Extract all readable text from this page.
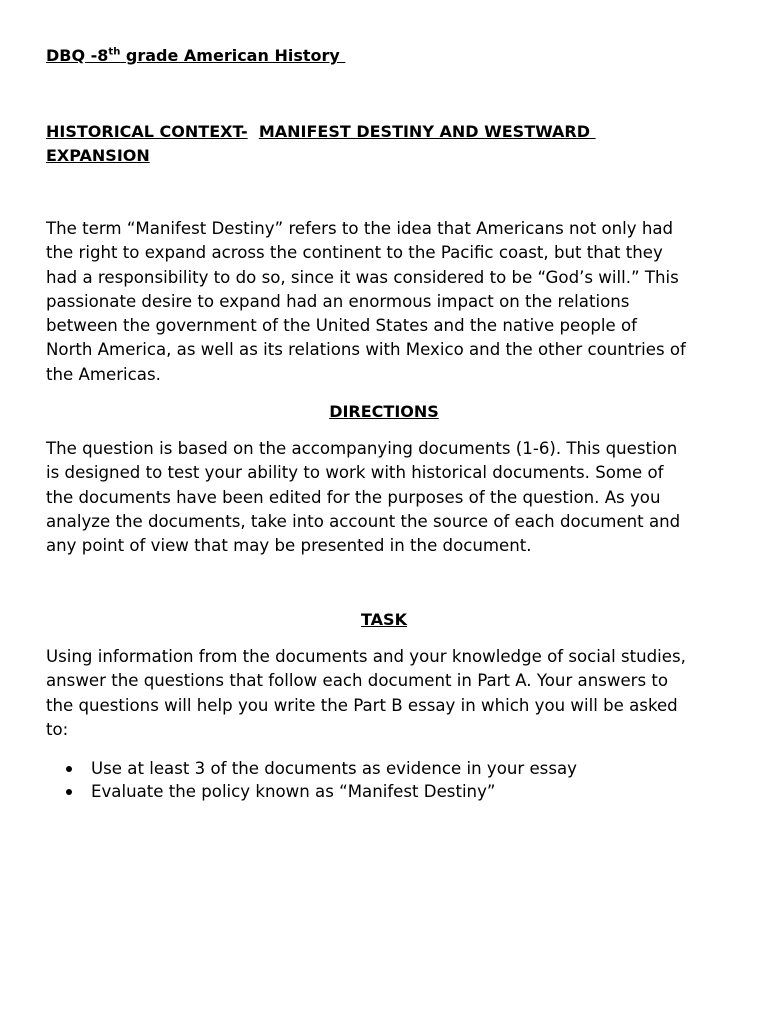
DBQ -8th grade American History
HISTORICAL CONTEXT- MANIFEST DESTINY AND WESTWARD
EXPANSION

The term “Manifest Destiny” refers to the idea that Americans not only had
the right to expand across the continent to the Pacific coast, but that they
had a responsibility to do so, since it was considered to be “God’s will.” This
passionate desire to expand had an enormous impact on the relations
between the government of the United States and the native people of
North America, as well as its relations with Mexico and the other countries of
the Americas.

DIRECTIONS

The question is based on the accompanying documents (1-6). This question
is designed to test your ability to work with historical documents. Some of
the documents have been edited for the purposes of the question. As you
analyze the documents, take into account the source of each document and
any point of view that may be presented in the document.

TASK

Using information from the documents and your knowledge of social studies,
answer the questions that follow each document in Part A. Your answers to
the questions will help you write the Part B essay in which you will be asked
to:

Use at least 3 of the documents as evidence in your essay
Evaluate the policy known as “Manifest Destiny”
